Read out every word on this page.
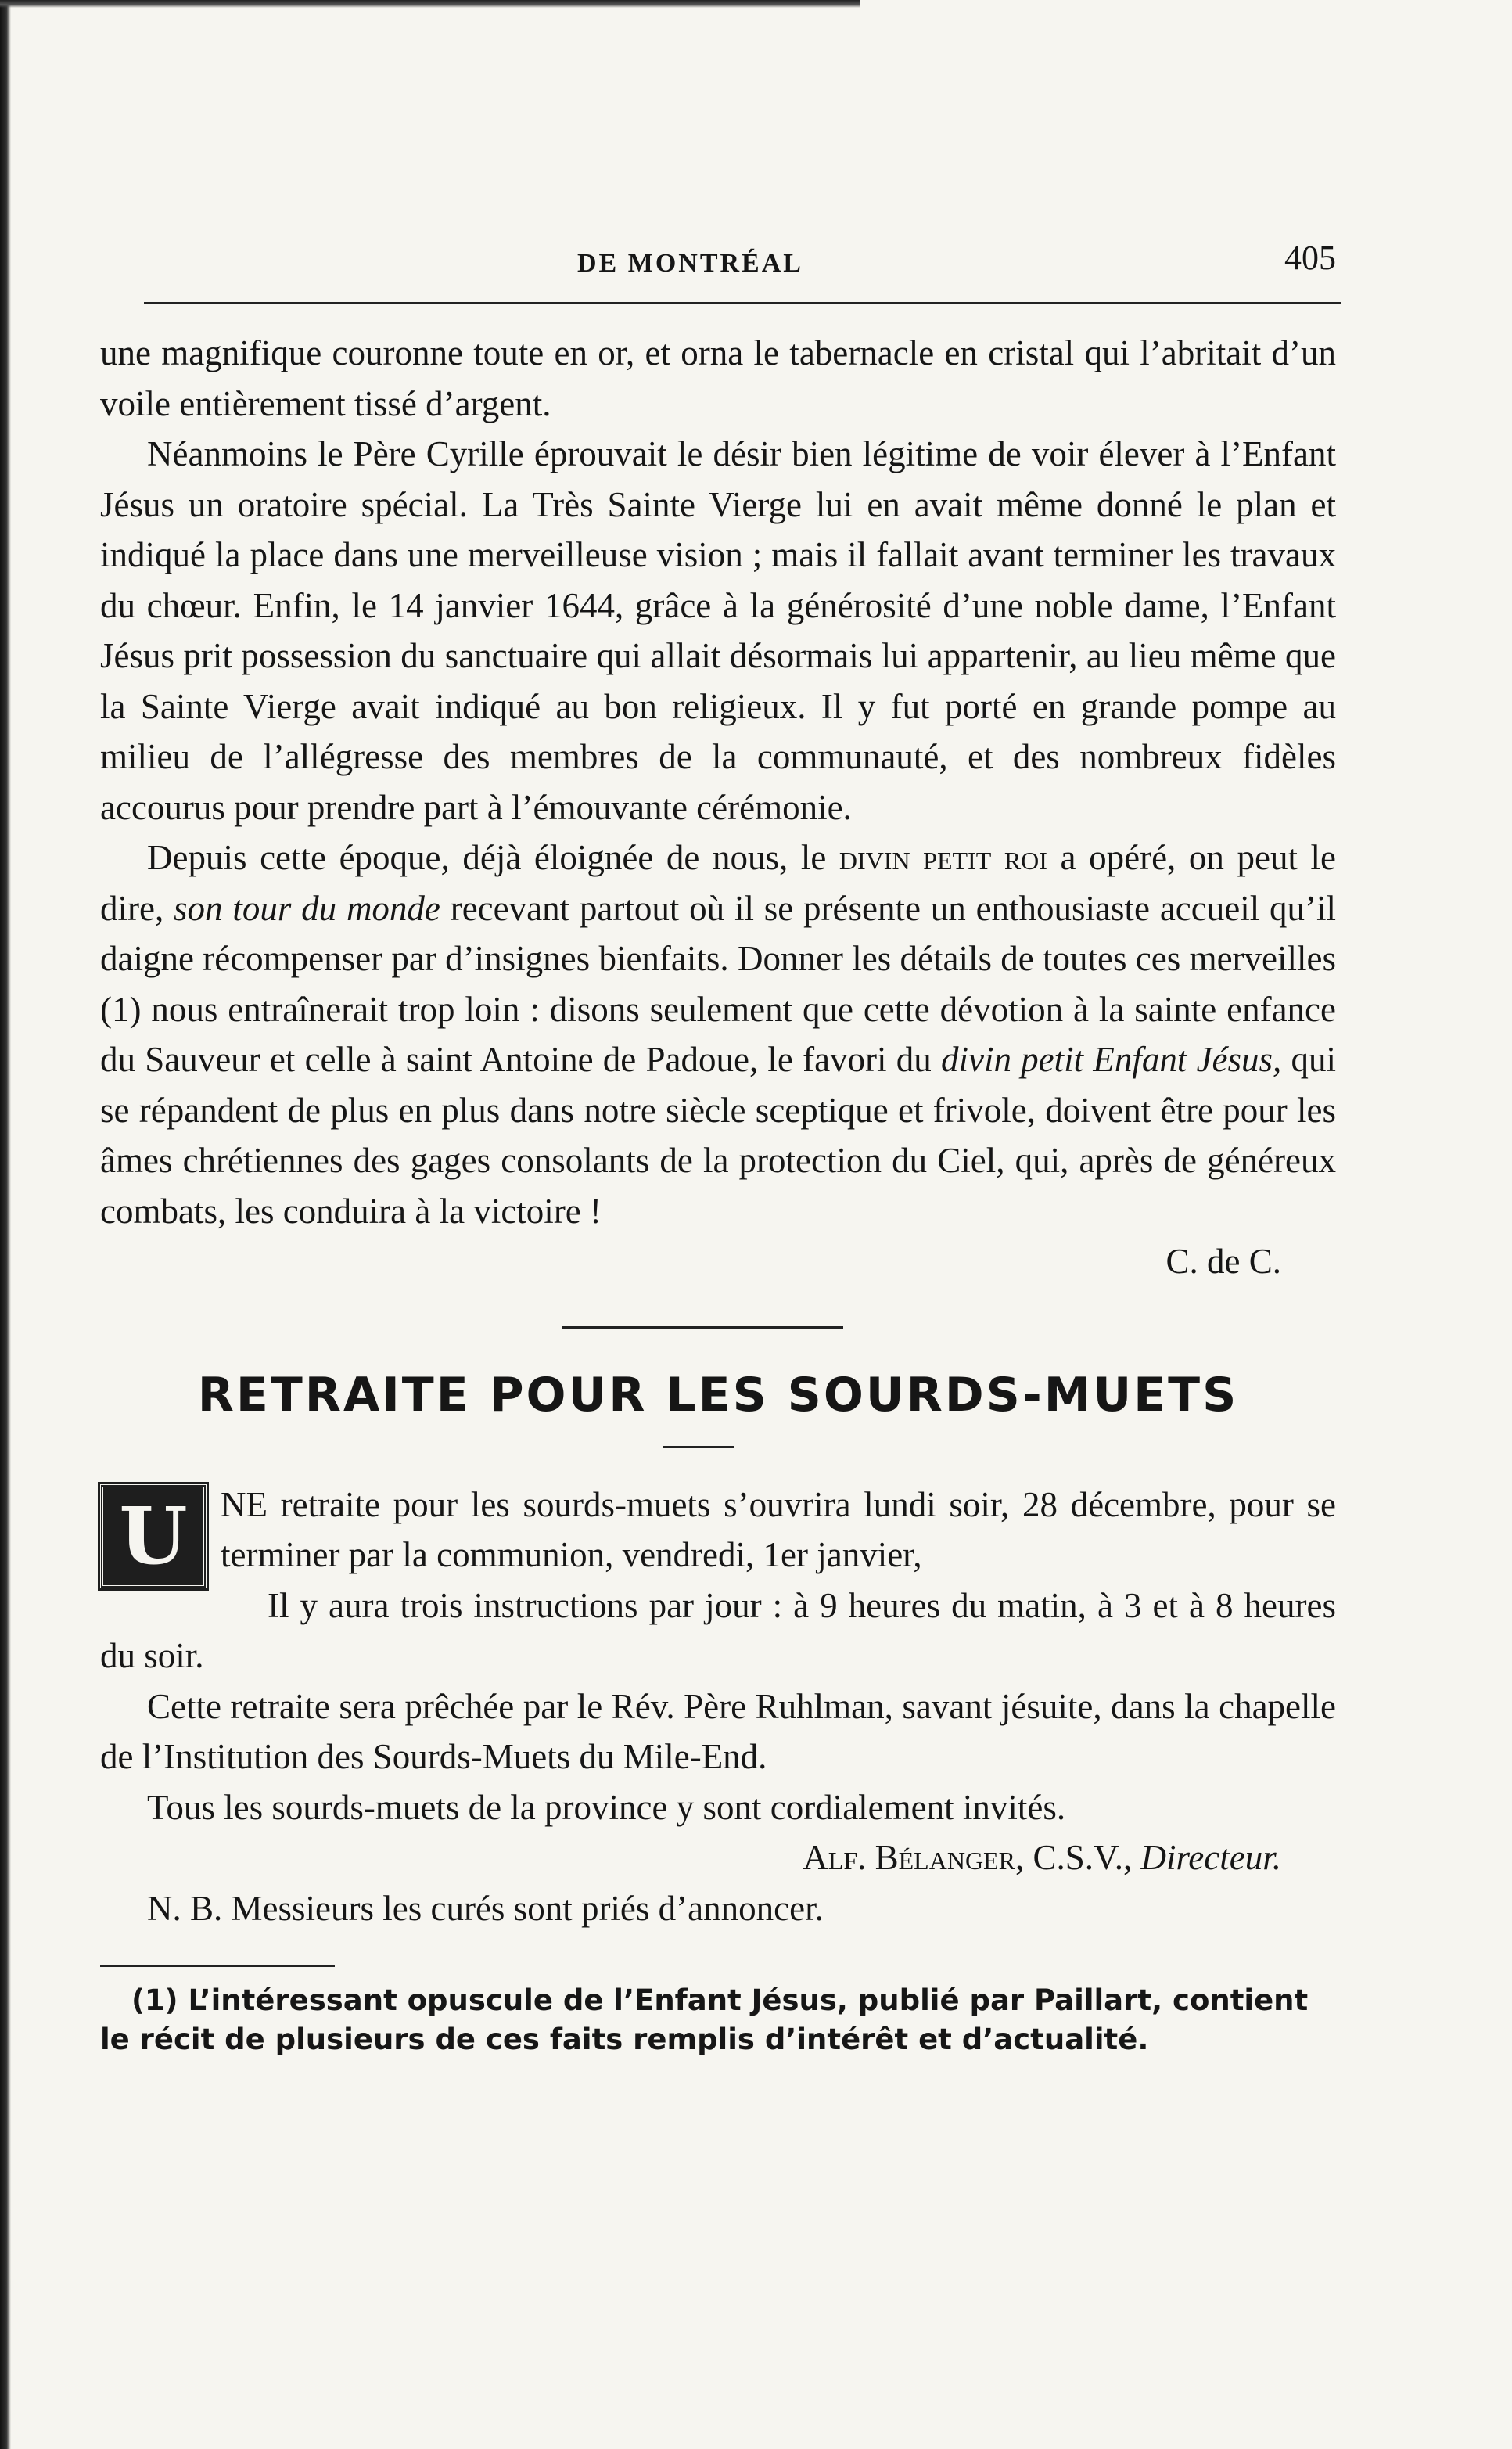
DE MONTRÉAL	405

une magnifique couronne toute en or, et orna le tabernacle en cristal qui l’abritait d’un voile entièrement tissé d’argent.

Néanmoins le Père Cyrille éprouvait le désir bien légitime de voir élever à l’Enfant Jésus un oratoire spécial. La Très Sainte Vierge lui en avait même donné le plan et indiqué la place dans une merveilleuse vision ; mais il fallait avant terminer les travaux du chœur. Enfin, le 14 janvier 1644, grâce à la générosité d’une noble dame, l’Enfant Jésus prit possession du sanctuaire qui allait désormais lui appartenir, au lieu même que la Sainte Vierge avait indiqué au bon religieux. Il y fut porté en grande pompe au milieu de l’allégresse des membres de la communauté, et des nombreux fidèles accourus pour prendre part à l’émouvante cérémonie.

Depuis cette époque, déjà éloignée de nous, le divin petit roi a opéré, on peut le dire, son tour du monde recevant partout où il se présente un enthousiaste accueil qu’il daigne récompenser par d’insignes bienfaits. Donner les détails de toutes ces merveilles (1) nous entraînerait trop loin : disons seulement que cette dévotion à la sainte enfance du Sauveur et celle à saint Antoine de Padoue, le favori du divin petit Enfant Jésus, qui se répandent de plus en plus dans notre siècle sceptique et frivole, doivent être pour les âmes chrétiennes des gages consolants de la protection du Ciel, qui, après de généreux combats, les conduira à la victoire !

C. de C.
RETRAITE POUR LES SOURDS-MUETS

U NE retraite pour les sourds-muets s’ouvrira lundi soir, 28 décembre, pour se terminer par la communion, vendredi, 1er janvier,

Il y aura trois instructions par jour : à 9 heures du matin, à 3 et à 8 heures du soir.

Cette retraite sera prêchée par le Rév. Père Ruhlman, savant jésuite, dans la chapelle de l’Institution des Sourds-Muets du Mile-End.

Tous les sourds-muets de la province y sont cordialement invités.

Alf. Bélanger, C.S.V., Directeur.

N. B. Messieurs les curés sont priés d’annoncer.

(1) L’intéressant opuscule de l’Enfant Jésus, publié par Paillart, contient le récit de plusieurs de ces faits remplis d’intérêt et d’actualité.
